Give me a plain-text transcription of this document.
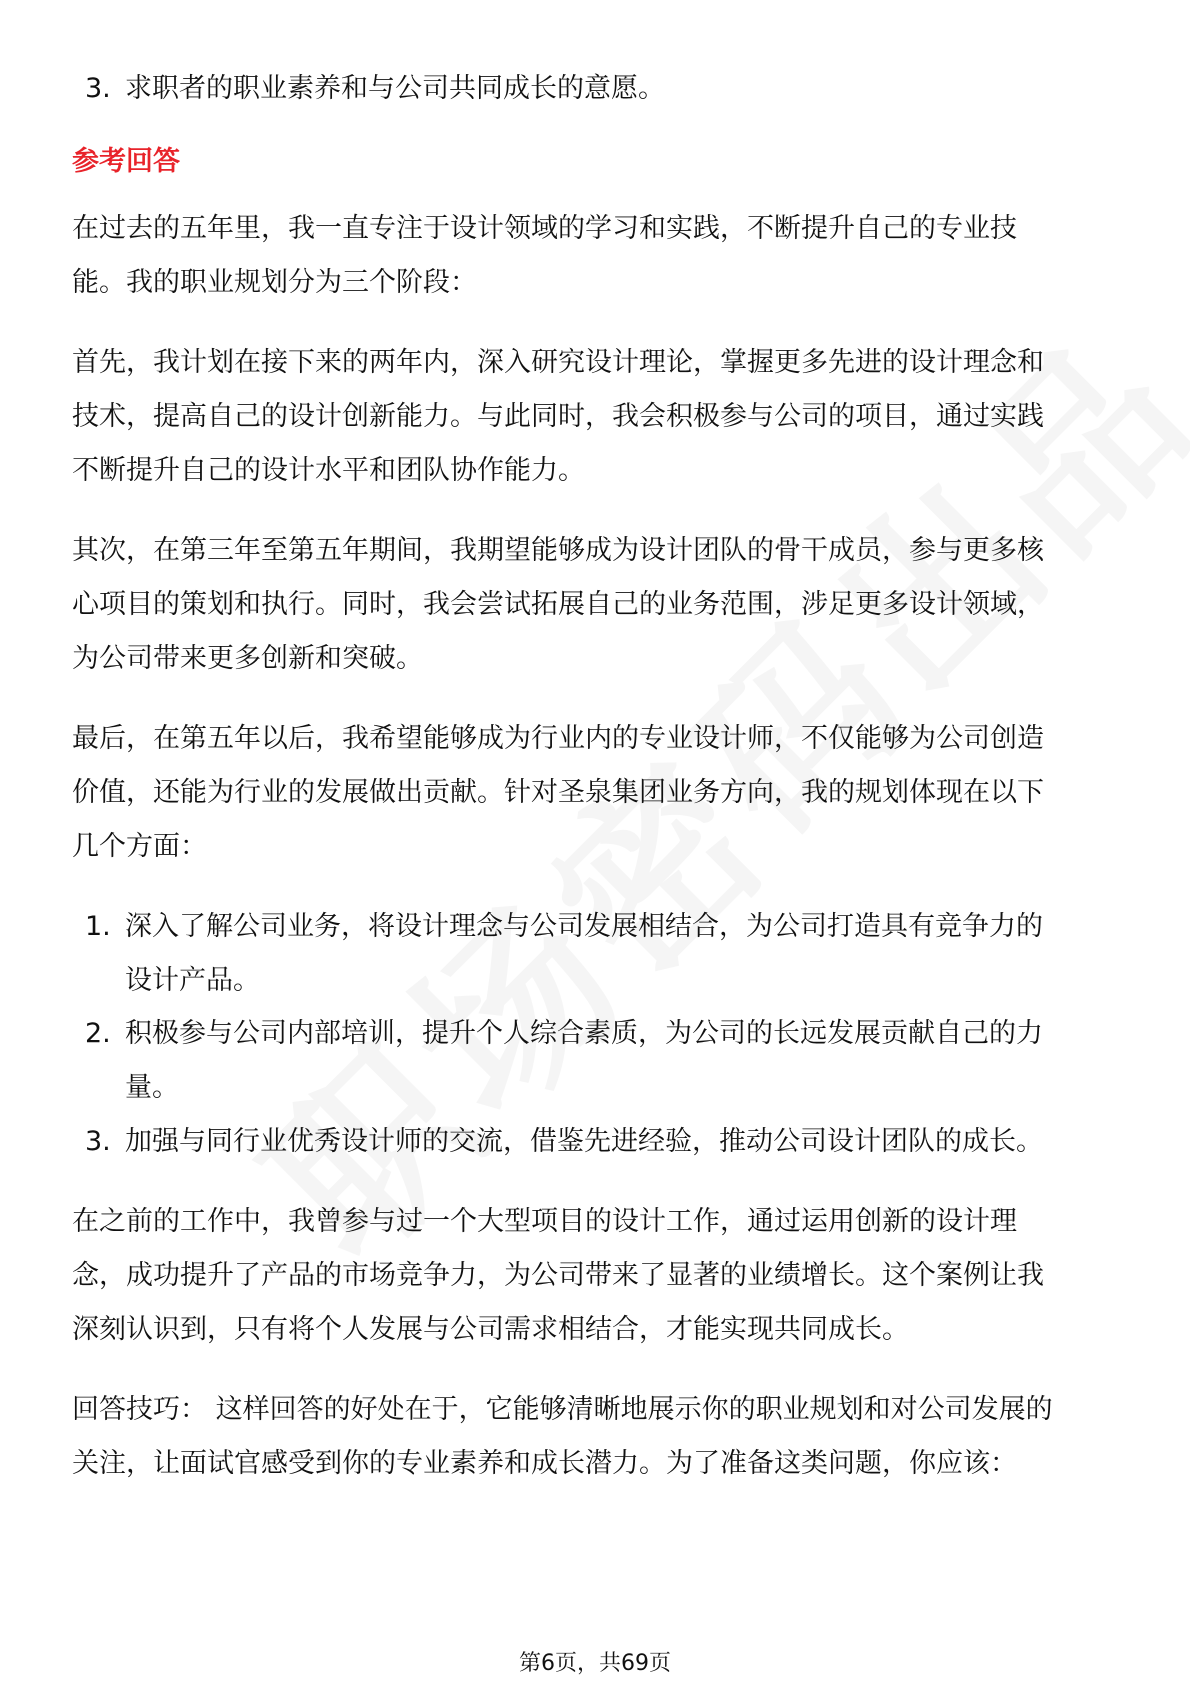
3. 求职者的职业素养和与公司共同成长的意愿。
参考回答
在过去的五年里，我一直专注于设计领域的学习和实践，不断提升自己的专业技
能。我的职业规划分为三个阶段：
首先，我计划在接下来的两年内，深入研究设计理论，掌握更多先进的设计理念和
技术，提高自己的设计创新能力。与此同时，我会积极参与公司的项目，通过实践
不断提升自己的设计水平和团队协作能力。
其次，在第三年至第五年期间，我期望能够成为设计团队的骨干成员，参与更多核
心项目的策划和执行。同时，我会尝试拓展自己的业务范围，涉足更多设计领域，
为公司带来更多创新和突破。
最后，在第五年以后，我希望能够成为行业内的专业设计师，不仅能够为公司创造
价值，还能为行业的发展做出贡献。针对圣泉集团业务方向，我的规划体现在以下
几个方面：
1. 深入了解公司业务，将设计理念与公司发展相结合，为公司打造具有竞争力的
设计产品。
2. 积极参与公司内部培训，提升个人综合素质，为公司的长远发展贡献自己的力
量。
3. 加强与同行业优秀设计师的交流，借鉴先进经验，推动公司设计团队的成长。
在之前的工作中，我曾参与过一个大型项目的设计工作，通过运用创新的设计理
念，成功提升了产品的市场竞争力，为公司带来了显著的业绩增长。这个案例让我
深刻认识到，只有将个人发展与公司需求相结合，才能实现共同成长。
回答技巧： 这样回答的好处在于，它能够清晰地展示你的职业规划和对公司发展的
关注，让面试官感受到你的专业素养和成长潜力。为了准备这类问题，你应该：
第6页，共69页
